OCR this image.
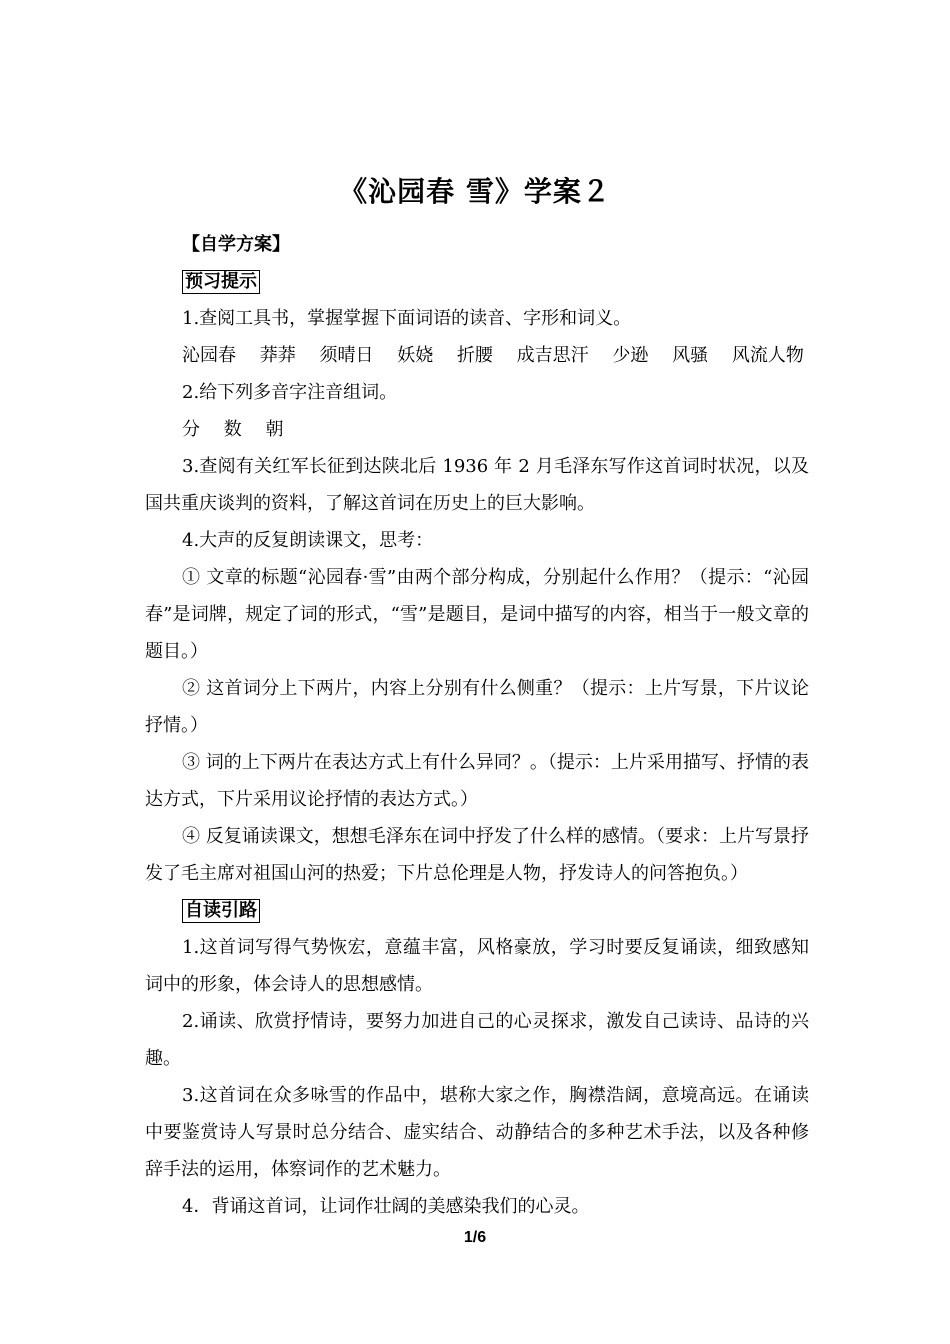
《沁园春 雪》学案２
【自学方案】
预习提示
1.查阅工具书，掌握掌握下面词语的读音、字形和词义。
沁园春 莽莽 须晴日 妖娆 折腰 成吉思汗 少逊 风骚 风流人物
2.给下列多音字注音组词。
分 数 朝
3.查阅有关红军长征到达陕北后 1936 年 2 月毛泽东写作这首词时状况，以及国共重庆谈判的资料，了解这首词在历史上的巨大影响。
4.大声的反复朗读课文，思考：
① 文章的标题“沁园春·雪”由两个部分构成，分别起什么作用？（提示：“沁园春”是词牌，规定了词的形式，“雪”是题目，是词中描写的内容，相当于一般文章的题目。）
② 这首词分上下两片，内容上分别有什么侧重？（提示：上片写景，下片议论抒情。）
③ 词的上下两片在表达方式上有什么异同？。（提示：上片采用描写、抒情的表达方式，下片采用议论抒情的表达方式。）
④ 反复诵读课文，想想毛泽东在词中抒发了什么样的感情。（要求：上片写景抒发了毛主席对祖国山河的热爱；下片总伦理是人物，抒发诗人的问答抱负。）
自读引路
1.这首词写得气势恢宏，意蕴丰富，风格豪放，学习时要反复诵读，细致感知词中的形象，体会诗人的思想感情。
2.诵读、欣赏抒情诗，要努力加进自己的心灵探求，激发自己读诗、品诗的兴趣。
3.这首词在众多咏雪的作品中，堪称大家之作，胸襟浩阔，意境高远。在诵读中要鉴赏诗人写景时总分结合、虚实结合、动静结合的多种艺术手法，以及各种修辞手法的运用，体察词作的艺术魅力。
4．背诵这首词，让词作壮阔的美感染我们的心灵。
1/6
